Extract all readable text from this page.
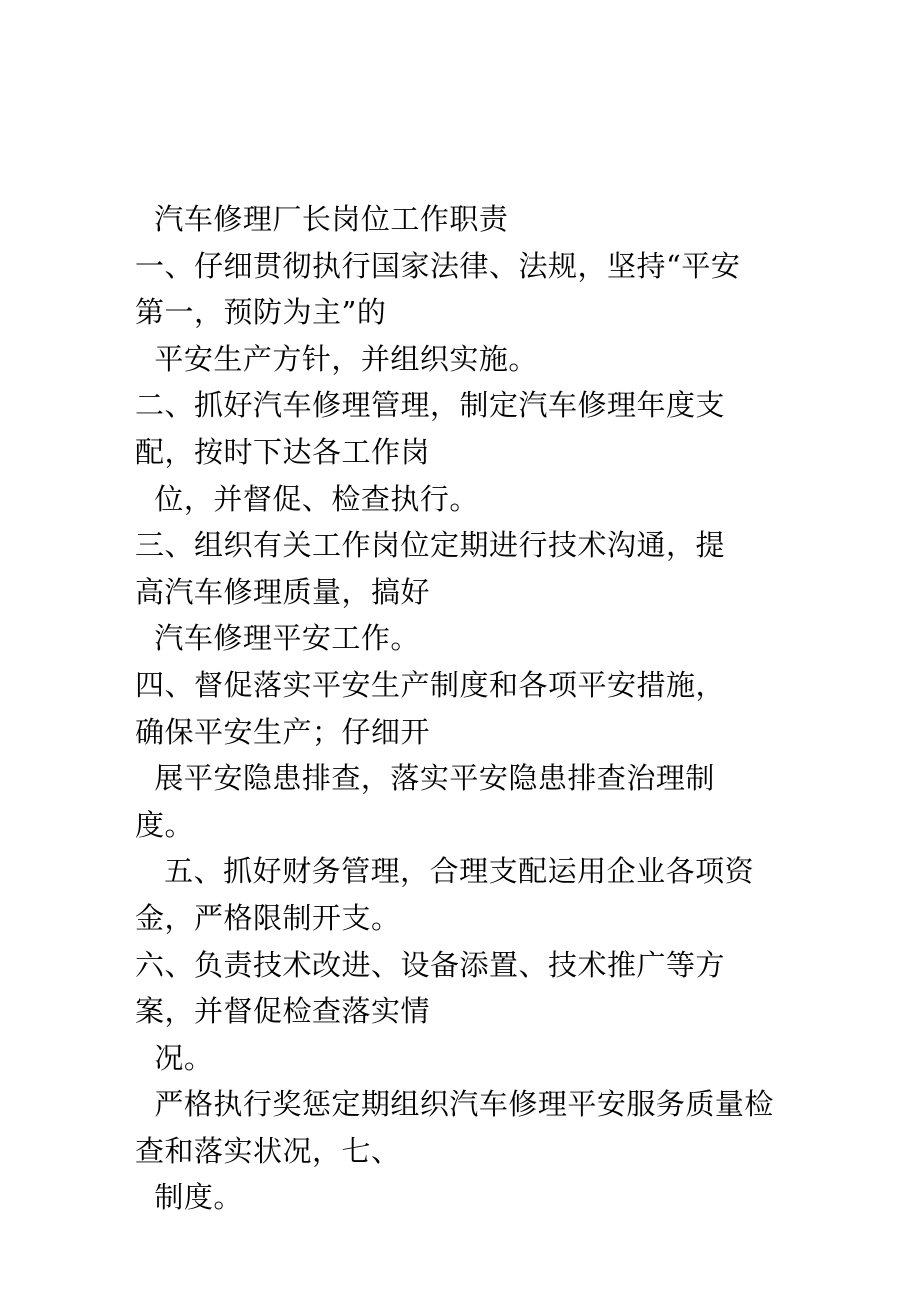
汽车修理厂长岗位工作职责
一、仔细贯彻执行国家法律、法规，坚持“平安
第一，预防为主”的
平安生产方针，并组织实施。
二、抓好汽车修理管理，制定汽车修理年度支
配，按时下达各工作岗
位，并督促、检查执行。
三、组织有关工作岗位定期进行技术沟通，提
高汽车修理质量，搞好
汽车修理平安工作。
四、督促落实平安生产制度和各项平安措施，
确保平安生产；仔细开
展平安隐患排查，落实平安隐患排查治理制
度。
五、抓好财务管理，合理支配运用企业各项资
金，严格限制开支。
六、负责技术改进、设备添置、技术推广等方
案，并督促检查落实情
况。
严格执行奖惩定期组织汽车修理平安服务质量检
查和落实状况，七、
制度。
